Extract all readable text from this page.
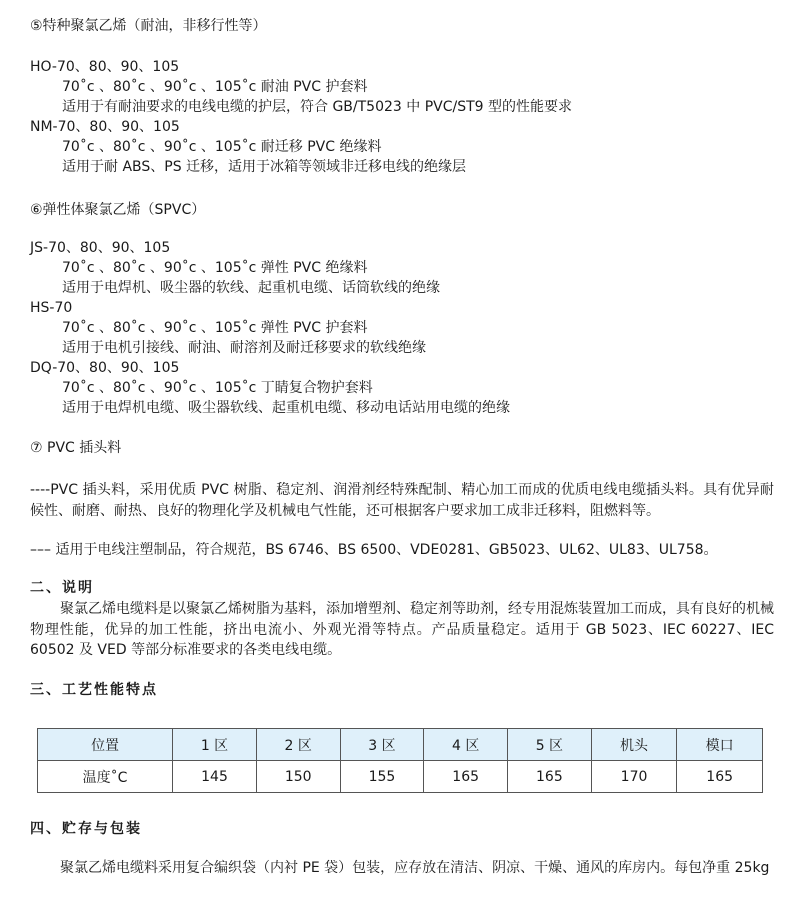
⑤特种聚氯乙烯（耐油，非移行性等）
HO-70、80、90、105
70˚c 、80˚c 、90˚c 、105˚c 耐油 PVC 护套料
适用于有耐油要求的电线电缆的护层，符合 GB/T5023 中 PVC/ST9 型的性能要求
NM-70、80、90、105
70˚c 、80˚c 、90˚c 、105˚c 耐迁移 PVC 绝缘料
适用于耐 ABS、PS 迁移，适用于冰箱等领域非迁移电线的绝缘层
⑥弹性体聚氯乙烯（SPVC）
JS-70、80、90、105
70˚c 、80˚c 、90˚c 、105˚c 弹性 PVC 绝缘料
适用于电焊机、吸尘器的软线、起重机电缆、话筒软线的绝缘
HS-70
70˚c 、80˚c 、90˚c 、105˚c 弹性 PVC 护套料
适用于电机引接线、耐油、耐溶剂及耐迁移要求的软线绝缘
DQ-70、80、90、105
70˚c 、80˚c 、90˚c 、105˚c 丁睛复合物护套料
适用于电焊机电缆、吸尘器软线、起重机电缆、移动电话站用电缆的绝缘
⑦ PVC 插头料
----PVC 插头料，采用优质 PVC 树脂、稳定剂、润滑剂经特殊配制、精心加工而成的优质电线电缆插头料。具有优异耐候性、耐磨、耐热、良好的物理化学及机械电气性能，还可根据客户要求加工成非迁移料，阻燃料等。
––– 适用于电线注塑制品，符合规范，BS 6746、BS 6500、VDE0281、GB5023、UL62、UL83、UL758。
二、说明
聚氯乙烯电缆料是以聚氯乙烯树脂为基料，添加增塑剂、稳定剂等助剂，经专用混炼装置加工而成，具有良好的机械物理性能，优异的加工性能，挤出电流小、外观光滑等特点。产品质量稳定。适用于 GB 5023、IEC 60227、IEC 60502 及 VED 等部分标准要求的各类电线电缆。
三、工艺性能特点
位置	1 区	2 区	3 区	4 区	5 区	机头	模口
温度˚C	145	150	155	165	165	170	165
四、贮存与包装
聚氯乙烯电缆料采用复合编织袋（内衬 PE 袋）包装，应存放在清洁、阴凉、干燥、通风的库房内。每包净重 25kg
